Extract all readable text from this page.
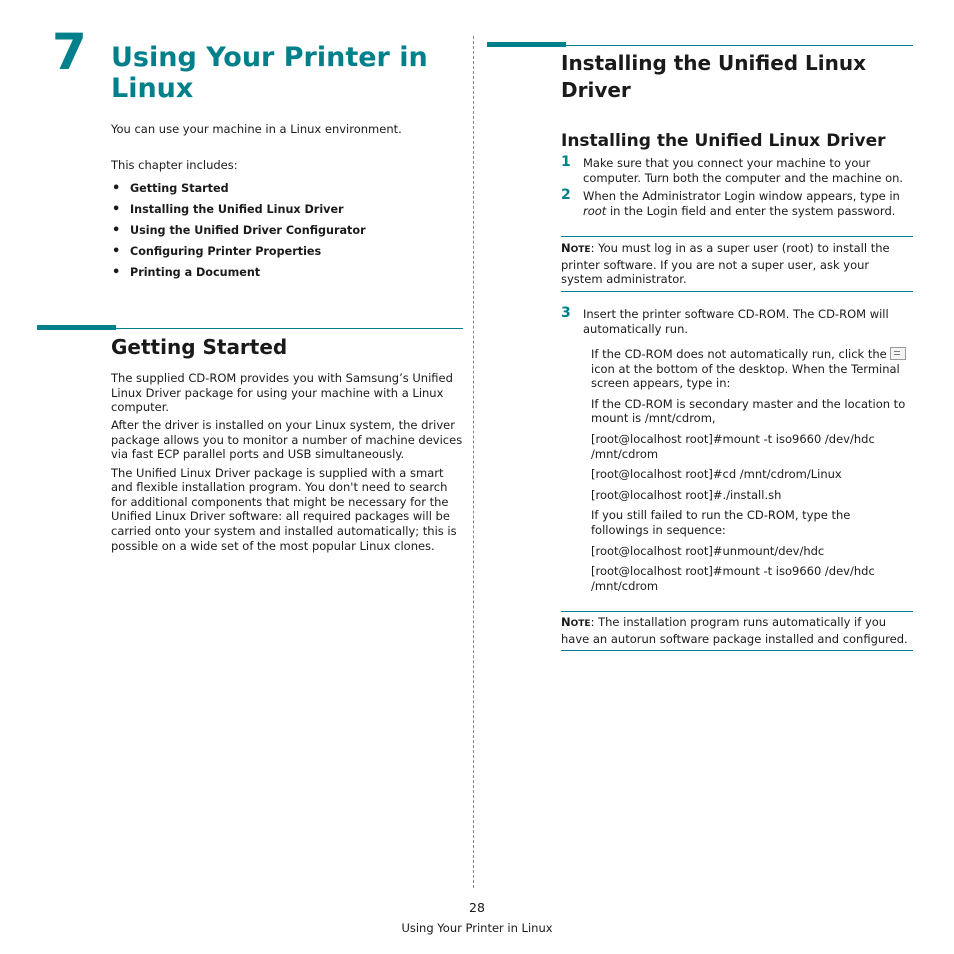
7 Using Your Printer in Linux
You can use your machine in a Linux environment.
This chapter includes:
• Getting Started
• Installing the Unified Linux Driver
• Using the Unified Driver Configurator
• Configuring Printer Properties
• Printing a Document
Getting Started

The supplied CD-ROM provides you with Samsung’s Unified Linux Driver package for using your machine with a Linux computer.

After the driver is installed on your Linux system, the driver package allows you to monitor a number of machine devices via fast ECP parallel ports and USB simultaneously.

The Unified Linux Driver package is supplied with a smart and flexible installation program. You don't need to search for additional components that might be necessary for the Unified Linux Driver software: all required packages will be carried onto your system and installed automatically; this is possible on a wide set of the most popular Linux clones.

Installing the Unified Linux Driver
Installing the Unified Linux Driver
1 Make sure that you connect your machine to your computer. Turn both the computer and the machine on.
2 When the Administrator Login window appears, type in root in the Login field and enter the system password.
NOTE: You must log in as a super user (root) to install the printer software. If you are not a super user, ask your system administrator.
3 Insert the printer software CD-ROM. The CD-ROM will automatically run.

If the CD-ROM does not automatically run, click the  icon at the bottom of the desktop. When the Terminal screen appears, type in:

If the CD-ROM is secondary master and the location to mount is /mnt/cdrom,

[root@localhost root]#mount -t iso9660 /dev/hdc /mnt/cdrom

[root@localhost root]#cd /mnt/cdrom/Linux

[root@localhost root]#./install.sh

If you still failed to run the CD-ROM, type the followings in sequence:

[root@localhost root]#unmount/dev/hdc

[root@localhost root]#mount -t iso9660 /dev/hdc /mnt/cdrom

NOTE: The installation program runs automatically if you have an autorun software package installed and configured.
28
Using Your Printer in Linux
